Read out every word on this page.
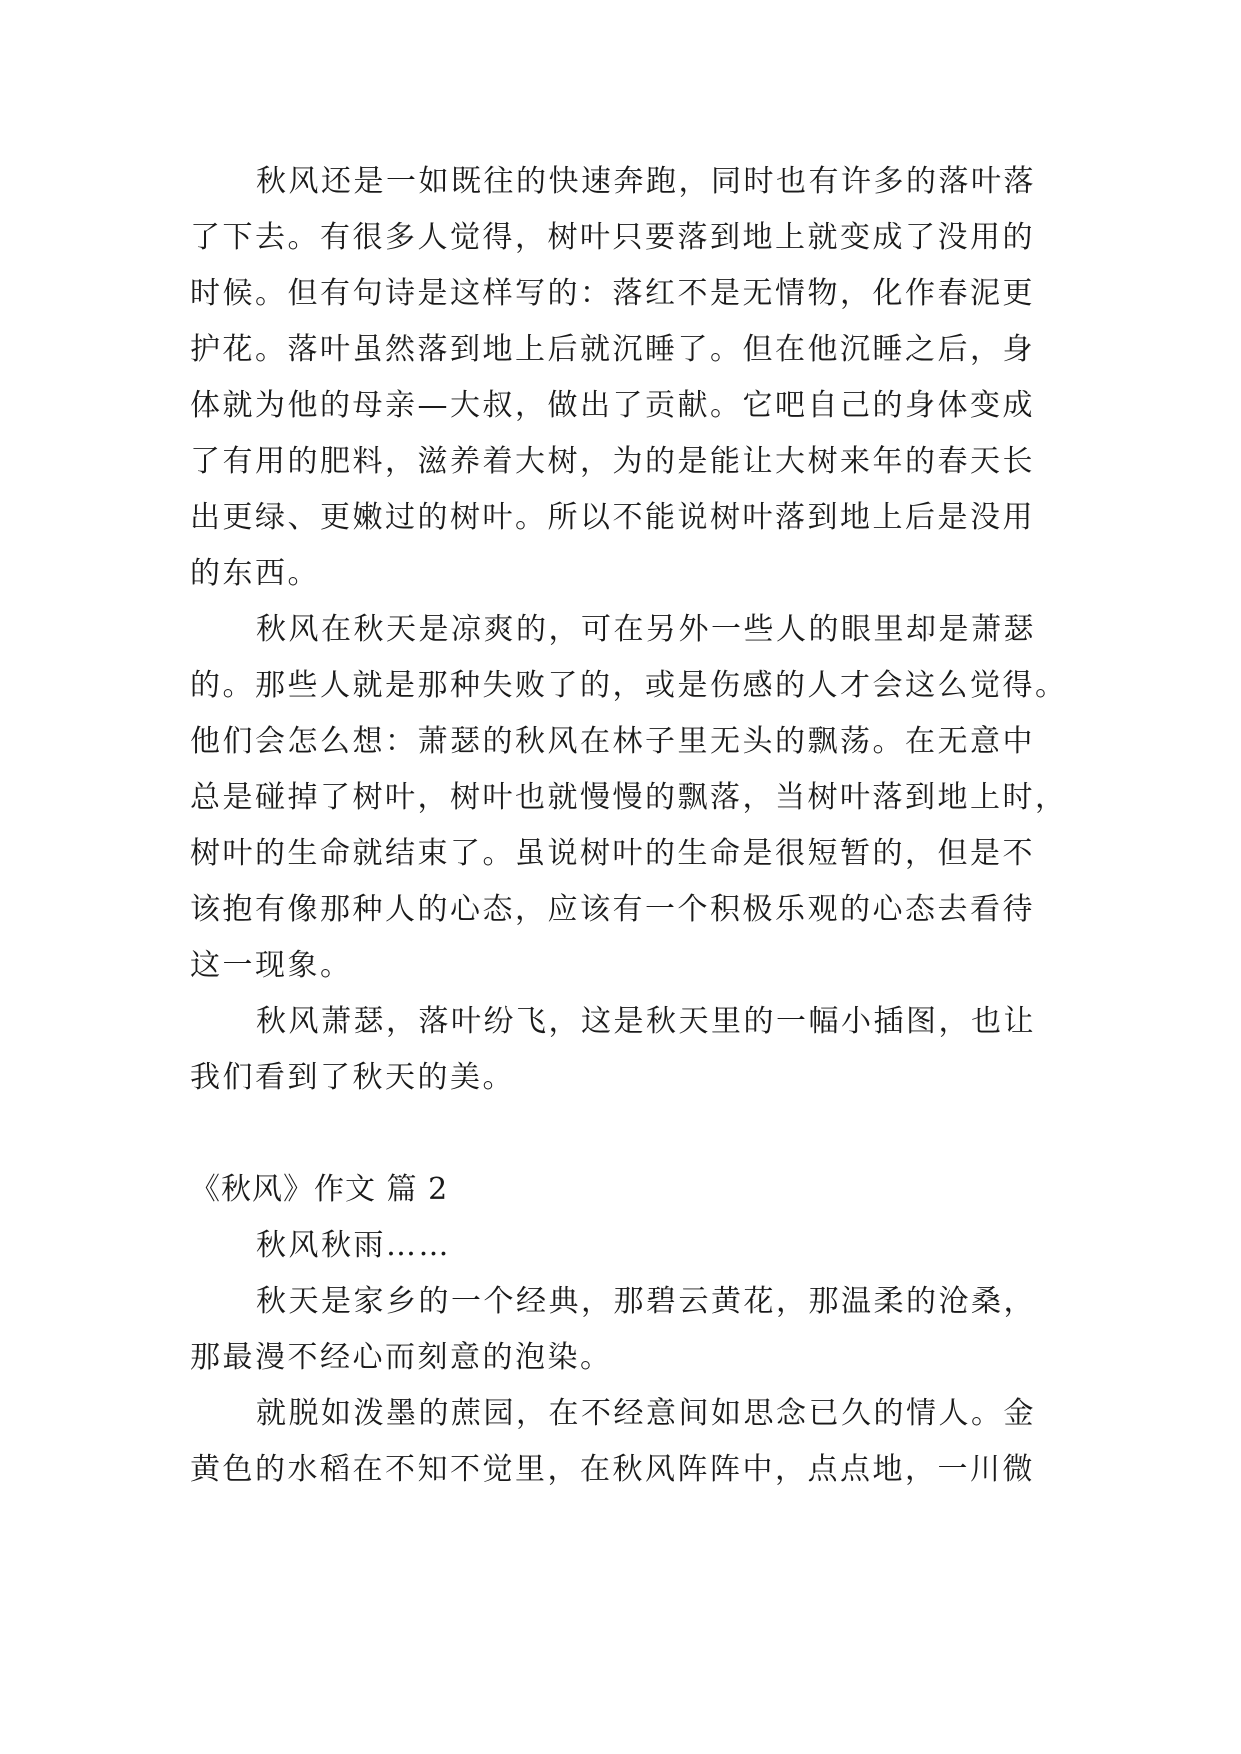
秋风还是一如既往的快速奔跑，同时也有许多的落叶落
了下去。有很多人觉得，树叶只要落到地上就变成了没用的
时候。但有句诗是这样写的：落红不是无情物，化作春泥更
护花。落叶虽然落到地上后就沉睡了。但在他沉睡之后，身
体就为他的母亲—大叔，做出了贡献。它吧自己的身体变成
了有用的肥料，滋养着大树，为的是能让大树来年的春天长
出更绿、更嫩过的树叶。所以不能说树叶落到地上后是没用
的东西。
秋风在秋天是凉爽的，可在另外一些人的眼里却是萧瑟
的。那些人就是那种失败了的，或是伤感的人才会这么觉得。
他们会怎么想：萧瑟的秋风在林子里无头的飘荡。在无意中
总是碰掉了树叶，树叶也就慢慢的飘落，当树叶落到地上时，
树叶的生命就结束了。虽说树叶的生命是很短暂的，但是不
该抱有像那种人的心态，应该有一个积极乐观的心态去看待
这一现象。
秋风萧瑟，落叶纷飞，这是秋天里的一幅小插图，也让
我们看到了秋天的美。
《秋风》作文 篇 2
秋风秋雨……
秋天是家乡的一个经典，那碧云黄花，那温柔的沧桑，
那最漫不经心而刻意的泡染。
就脱如泼墨的蔗园，在不经意间如思念已久的情人。金
黄色的水稻在不知不觉里，在秋风阵阵中，点点地，一川微
